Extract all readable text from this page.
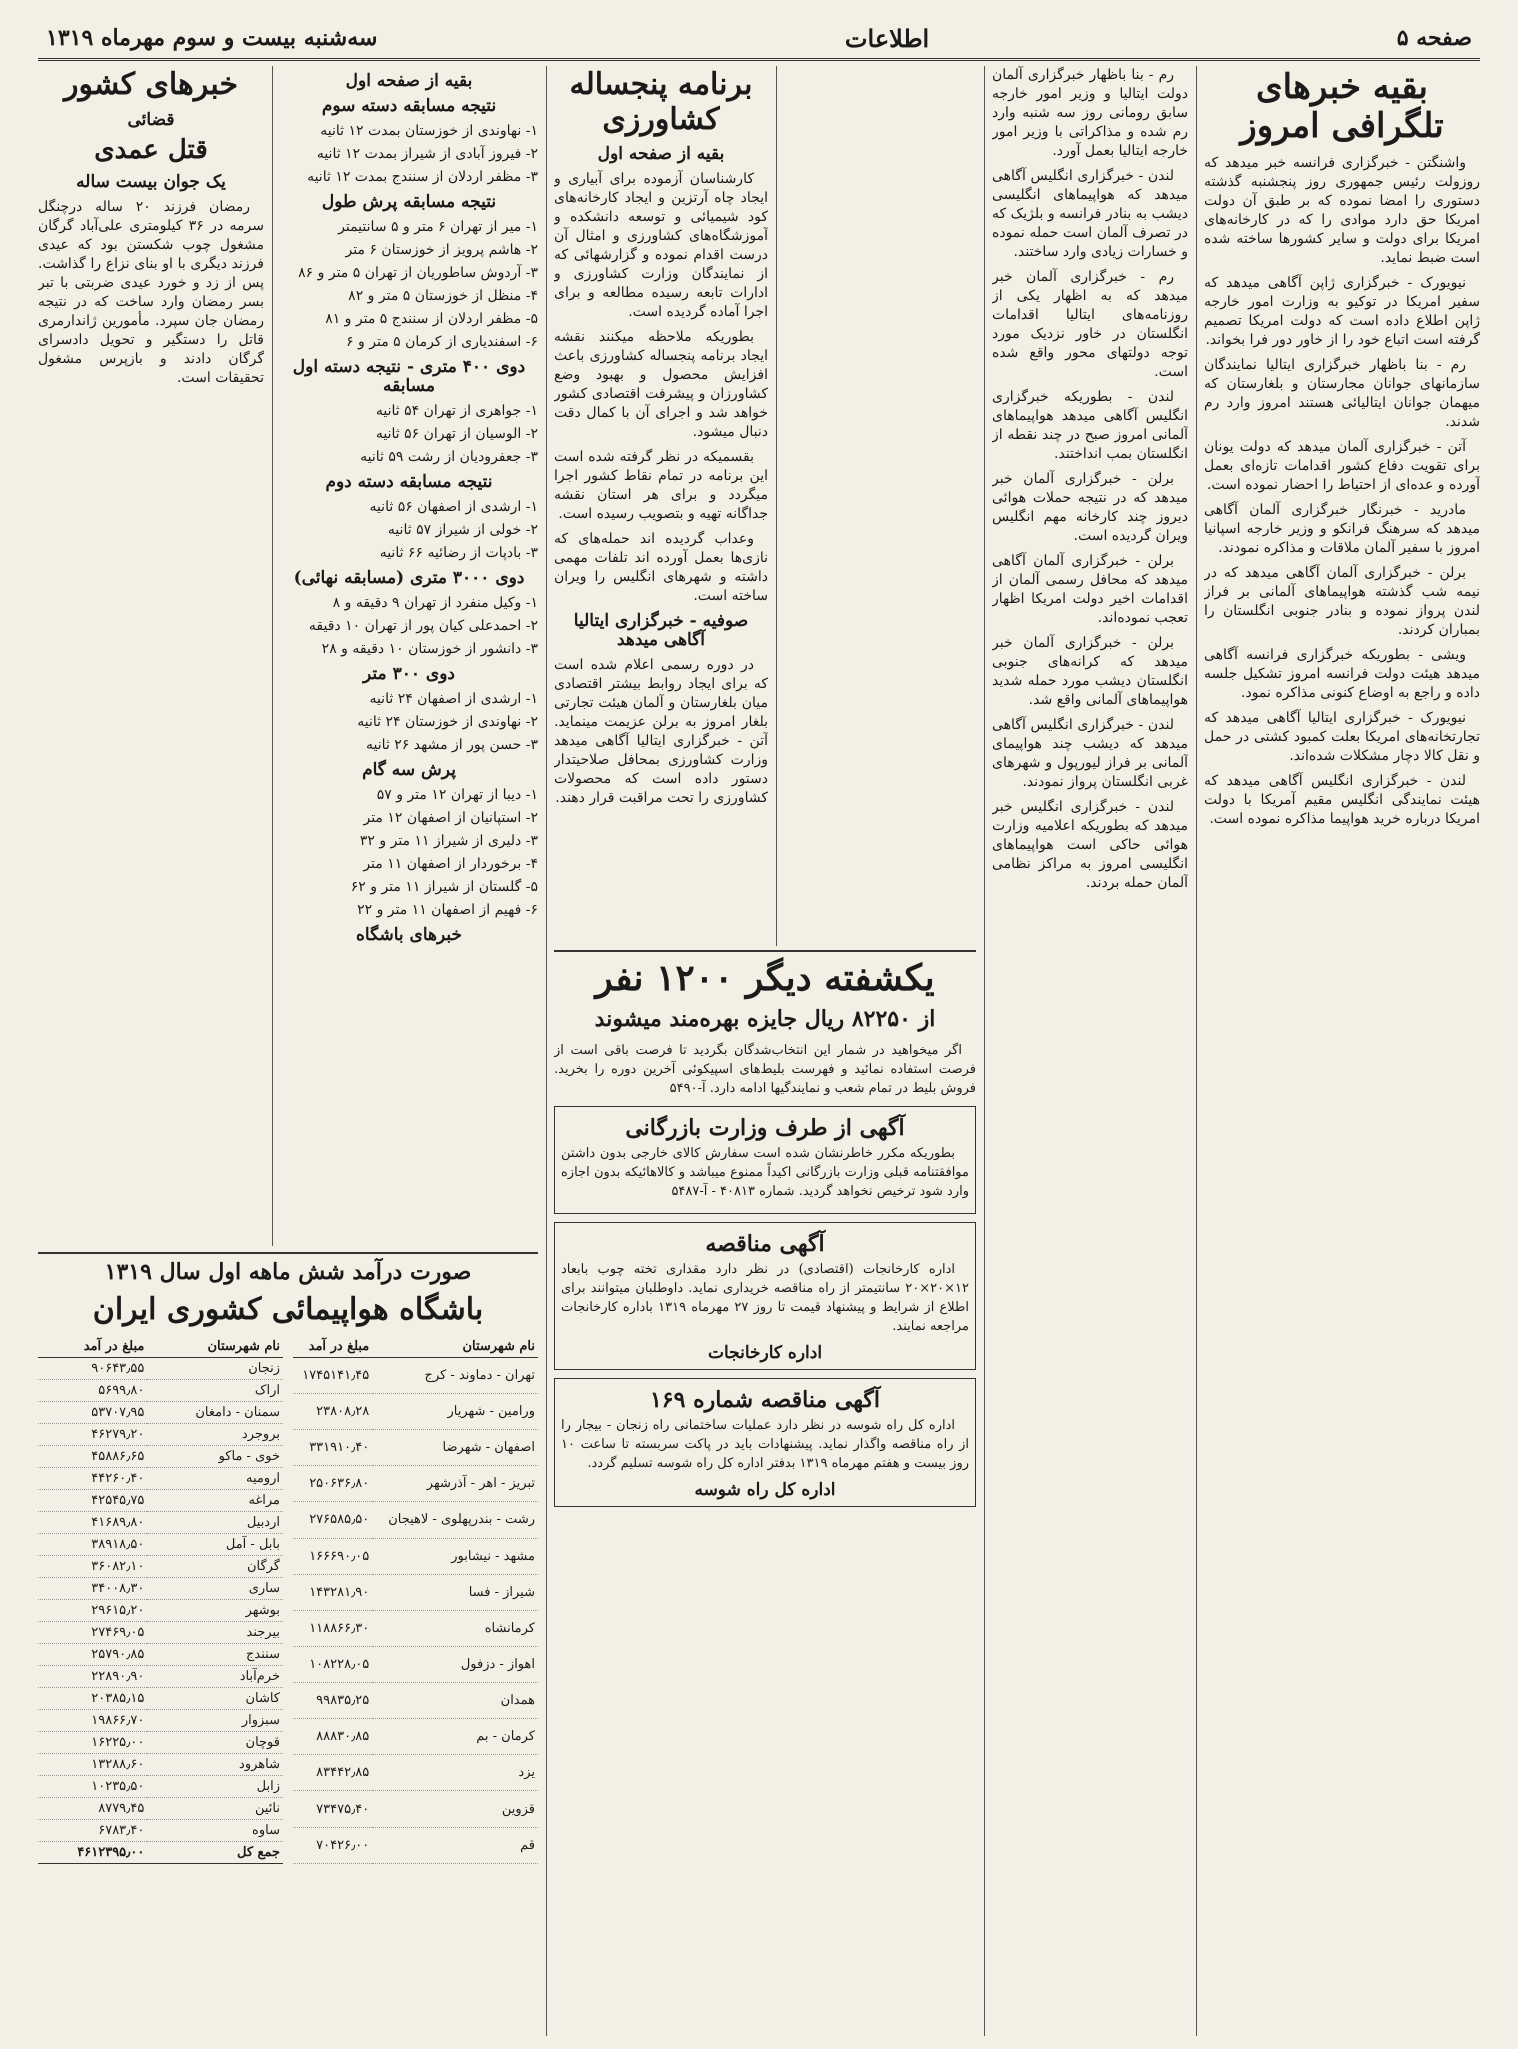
صفحه ۵
اطلاعات
سه‌شنبه بیست و سوم مهرماه ۱۳۱۹
بقیه خبرهای تلگرافی امروز

واشنگتن - خبرگزاری فرانسه خبر میدهد که روزولت رئیس جمهوری روز پنجشنبه گذشته دستوری را امضا نموده که بر طبق آن دولت امریکا حق دارد موادی را که در کارخانه‌های امریکا برای دولت و سایر کشورها ساخته شده است ضبط نماید.

نیویورک - خبرگزاری ژاپن آگاهی میدهد که سفیر امریکا در توکیو به وزارت امور خارجه ژاپن اطلاع داده است که دولت امریکا تصمیم گرفته است اتباع خود را از خاور دور فرا بخواند.

رم - بنا باظهار خبرگزاری ایتالیا نمایندگان سازمانهای جوانان مجارستان و بلغارستان که میهمان جوانان ایتالیائی هستند امروز وارد رم شدند.

آتن - خبرگزاری آلمان میدهد که دولت یونان برای تقویت دفاع کشور اقدامات تازه‌ای بعمل آورده و عده‌ای از احتیاط را احضار نموده است.

مادرید - خبرنگار خبرگزاری آلمان آگاهی میدهد که سرهنگ فرانکو و وزیر خارجه اسپانیا امروز با سفیر آلمان ملاقات و مذاکره نمودند.

برلن - خبرگزاری آلمان آگاهی میدهد که در نیمه شب گذشته هواپیماهای آلمانی بر فراز لندن پرواز نموده و بنادر جنوبی انگلستان را بمباران کردند.

ویشی - بطوریکه خبرگزاری فرانسه آگاهی میدهد هیئت دولت فرانسه امروز تشکیل جلسه داده و راجع به اوضاع کنونی مذاکره نمود.

نیویورک - خبرگزاری ایتالیا آگاهی میدهد که تجارتخانه‌های امریکا بعلت کمبود کشتی در حمل و نقل کالا دچار مشکلات شده‌اند.

لندن - خبرگزاری انگلیس آگاهی میدهد که هیئت نمایندگی انگلیس مقیم آمریکا با دولت امریکا درباره خرید هواپیما مذاکره نموده است.

رم - بنا باظهار خبرگزاری آلمان دولت ایتالیا و وزیر امور خارجه سابق رومانی روز سه شنبه وارد رم شده و مذاکراتی با وزیر امور خارجه ایتالیا بعمل آورد.

لندن - خبرگزاری انگلیس آگاهی میدهد که هواپیماهای انگلیسی دیشب به بنادر فرانسه و بلژیک که در تصرف آلمان است حمله نموده و خسارات زیادی وارد ساختند.

رم - خبرگزاری آلمان خبر میدهد که به اظهار یکی از روزنامه‌های ایتالیا اقدامات انگلستان در خاور نزدیک مورد توجه دولتهای محور واقع شده است.

لندن - بطوریکه خبرگزاری انگلیس آگاهی میدهد هواپیماهای آلمانی امروز صبح در چند نقطه از انگلستان بمب انداختند.

برلن - خبرگزاری آلمان خبر میدهد که در نتیجه حملات هوائی دیروز چند کارخانه مهم انگلیس ویران گردیده است.

برلن - خبرگزاری آلمان آگاهی میدهد که محافل رسمی آلمان از اقدامات اخیر دولت امریکا اظهار تعجب نموده‌اند.

برلن - خبرگزاری آلمان خبر میدهد که کرانه‌های جنوبی انگلستان دیشب مورد حمله شدید هواپیماهای آلمانی واقع شد.

لندن - خبرگزاری انگلیس آگاهی میدهد که دیشب چند هواپیمای آلمانی بر فراز لیورپول و شهرهای غربی انگلستان پرواز نمودند.

لندن - خبرگزاری انگلیس خبر میدهد که بطوریکه اعلامیه وزارت هوائی حاکی است هواپیماهای انگلیسی امروز به مراکز نظامی آلمان حمله بردند.

برنامه پنجساله کشاورزی
بقیه از صفحه اول

کارشناسان آزموده برای آبیاری و ایجاد چاه آرتزین و ایجاد کارخانه‌های کود شیمیائی و توسعه دانشکده و آموزشگاه‌های کشاورزی و امثال آن درست اقدام نموده و گزارشهائی که از نمایندگان وزارت کشاورزی و ادارات تابعه رسیده مطالعه و برای اجرا آماده گردیده است.

بطوریکه ملاحظه میکنند نقشه ایجاد برنامه پنجساله کشاورزی باعث افزایش محصول و بهبود وضع کشاورزان و پیشرفت اقتصادی کشور خواهد شد و اجرای آن با کمال دقت دنبال میشود.

بقسمیکه در نظر گرفته شده است این برنامه در تمام نقاط کشور اجرا میگردد و برای هر استان نقشه جداگانه تهیه و بتصویب رسیده است.

وعداب گردیده اند حمله‌های که نازی‌ها بعمل آورده اند تلفات مهمی داشته و شهرهای انگلیس را ویران ساخته است.

صوفیه - خبرگزاری ایتالیا آگاهی میدهد

در دوره رسمی اعلام شده است که برای ایجاد روابط بیشتر اقتصادی میان بلغارستان و آلمان هیئت تجارتی بلغار امروز به برلن عزیمت مینماید. آتن - خبرگزاری ایتالیا آگاهی میدهد وزارت کشاورزی بمحافل صلاحیتدار دستور داده است که محصولات کشاورزی را تحت مراقبت قرار دهند.

یکشفته دیگر ۱۲۰۰ نفر
از ۸۲۲۵۰ ریال جایزه بهره‌مند میشوند

اگر میخواهید در شمار این انتخاب‌شدگان بگردید تا فرصت باقی است از فرصت استفاده نمائید و فهرست بلیط‌های اسپیکوئی آخرین دوره را بخرید. فروش بلیط در تمام شعب و نمایندگیها ادامه دارد. آ-۵۴۹۰

آگهی از طرف وزارت بازرگانی

بطوریکه مکرر خاطرنشان شده است سفارش کالای خارجی بدون داشتن موافقتنامه قبلی وزارت بازرگانی اکیداً ممنوع میباشد و کالاهائیکه بدون اجازه وارد شود ترخیص نخواهد گردید. شماره ۴۰۸۱۳ - آ-۵۴۸۷

آگهی مناقصه

اداره کارخانجات (اقتصادی) در نظر دارد مقداری تخته چوب بابعاد ۱۲×۲۰×۲۰ سانتیمتر از راه مناقصه خریداری نماید. داوطلبان میتوانند برای اطلاع از شرایط و پیشنهاد قیمت تا روز ۲۷ مهرماه ۱۳۱۹ باداره کارخانجات مراجعه نمایند.

اداره کارخانجات
آگهی مناقصه شماره ۱۶۹

اداره کل راه شوسه در نظر دارد عملیات ساختمانی راه زنجان - بیجار را از راه مناقصه واگذار نماید. پیشنهادات باید در پاکت سربسته تا ساعت ۱۰ روز بیست و هفتم مهرماه ۱۳۱۹ بدفتر اداره کل راه شوسه تسلیم گردد.

اداره کل راه شوسه
بقیه از صفحه اول
نتیجه مسابقه دسته سوم
۱- نهاوندی از خوزستان بمدت ۱۲ ثانیه
۲- فیروز آبادی از شیراز بمدت ۱۲ ثانیه
۳- مظفر اردلان از سنندج بمدت ۱۲ ثانیه
نتیجه مسابقه پرش طول
۱- میر از تهران ۶ متر و ۵ سانتیمتر
۲- هاشم پرویز از خوزستان ۶ متر
۳- آردوش ساطوریان از تهران ۵ متر و ۸۶
۴- منظل از خوزستان ۵ متر و ۸۲
۵- مظفر اردلان از سنندج ۵ متر و ۸۱
۶- اسفندیاری از کرمان ۵ متر و ۶
دوی ۴۰۰ متری - نتیجه دسته اول مسابقه
۱- جواهری از تهران ۵۴ ثانیه
۲- الوسیان از تهران ۵۶ ثانیه
۳- جعفرودیان از رشت ۵۹ ثانیه
نتیجه مسابقه دسته دوم
۱- ارشدی از اصفهان ۵۶ ثانیه
۲- خولی از شیراز ۵۷ ثانیه
۳- بادپات از رضائیه ۶۶ ثانیه
دوی ۳۰۰۰ متری (مسابقه نهائی)
۱- وکیل منفرد از تهران ۹ دقیقه و ۸
۲- احمدعلی کیان پور از تهران ۱۰ دقیقه
۳- دانشور از خوزستان ۱۰ دقیقه و ۲۸
دوی ۳۰۰ متر
۱- ارشدی از اصفهان ۲۴ ثانیه
۲- نهاوندی از خوزستان ۲۴ ثانیه
۳- حسن پور از مشهد ۲۶ ثانیه
پرش سه گام
۱- دیبا از تهران ۱۲ متر و ۵۷
۲- استپانیان از اصفهان ۱۲ متر
۳- دلیری از شیراز ۱۱ متر و ۳۲
۴- برخوردار از اصفهان ۱۱ متر
۵- گلستان از شیراز ۱۱ متر و ۶۲
۶- فهیم از اصفهان ۱۱ متر و ۲۲
خبرهای باشگاه
خبرهای کشور
قضائی
قتل عمدی
یک جوان بیست ساله

رمضان فرزند ۲۰ ساله درچنگل سرمه در ۳۶ کیلومتری علی‌آباد گرگان مشغول چوب شکستن بود که عیدی فرزند دیگری با او بنای نزاع را گذاشت. پس از زد و خورد عیدی ضربتی با تبر بسر رمضان وارد ساخت که در نتیجه رمضان جان سپرد. مأمورین ژاندارمری قاتل را دستگیر و تحویل دادسرای گرگان دادند و بازپرس مشغول تحقیقات است.

صورت درآمد شش ماهه اول سال ۱۳۱۹
باشگاه هواپیمائی کشوری ایران
نام شهرستان	مبلغ در آمد
تهران - دماوند - کرج	۱۷۴۵۱۴۱٫۴۵
ورامین - شهریار	۲۳۸۰۸٫۲۸
اصفهان - شهرضا	۳۳۱۹۱۰٫۴۰
تبریز - اهر - آذرشهر	۲۵۰۶۳۶٫۸۰
رشت - بندرپهلوی - لاهیجان	۲۷۶۵۸۵٫۵۰
مشهد - نیشابور	۱۶۶۶۹۰٫۰۵
شیراز - فسا	۱۴۳۲۸۱٫۹۰
کرمانشاه	۱۱۸۸۶۶٫۳۰
اهواز - دزفول	۱۰۸۲۲۸٫۰۵
همدان	۹۹۸۳۵٫۲۵
کرمان - بم	۸۸۸۳۰٫۸۵
یزد	۸۳۴۴۲٫۸۵
قزوین	۷۳۴۷۵٫۴۰
قم	۷۰۴۲۶٫۰۰
نام شهرستان	مبلغ در آمد
زنجان	۹۰۶۴۳٫۵۵
اراک	۵۶۹۹٫۸۰
سمنان - دامغان	۵۳۷۰۷٫۹۵
بروجرد	۴۶۲۷۹٫۲۰
خوی - ماکو	۴۵۸۸۶٫۶۵
ارومیه	۴۴۲۶۰٫۴۰
مراغه	۴۲۵۴۵٫۷۵
اردبیل	۴۱۶۸۹٫۸۰
بابل - آمل	۳۸۹۱۸٫۵۰
گرگان	۳۶۰۸۲٫۱۰
ساری	۳۴۰۰۸٫۳۰
بوشهر	۲۹۶۱۵٫۲۰
بیرجند	۲۷۴۶۹٫۰۵
سنندج	۲۵۷۹۰٫۸۵
خرم‌آباد	۲۲۸۹۰٫۹۰
کاشان	۲۰۳۸۵٫۱۵
سبزوار	۱۹۸۶۶٫۷۰
قوچان	۱۶۲۲۵٫۰۰
شاهرود	۱۳۲۸۸٫۶۰
زابل	۱۰۲۳۵٫۵۰
نائین	۸۷۷۹٫۴۵
ساوه	۶۷۸۳٫۴۰
جمع کل	۴۶۱۲۳۹۵٫۰۰
